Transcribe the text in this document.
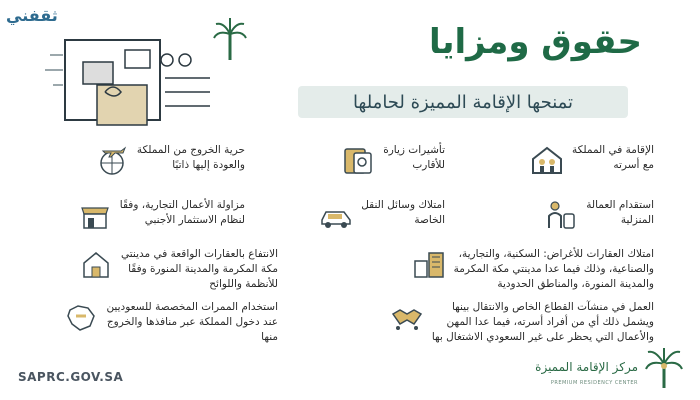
ثقفني
حقوق ومزايا
تمنحها الإقامة المميزة لحاملها
الإقامة في المملكة
مع أسرته
تأشيرات زيارة
للأقارب
حرية الخروج من المملكة
والعودة إليها ذاتيًا
استقدام العمالة
المنزلية
امتلاك وسائل النقل
الخاصة
مزاولة الأعمال التجارية، وفقًا
لنظام الاستثمار الأجنبي
امتلاك العقارات للأغراض: السكنية، والتجارية،
والصناعية، وذلك فيما عدا مدينتي مكة المكرمة
والمدينة المنورة، والمناطق الحدودية
الانتفاع بالعقارات الواقعة في مدينتي
مكة المكرمة والمدينة المنورة وفقًا
للأنظمة واللوائح
العمل في منشآت القطاع الخاص والانتقال بينها
ويشمل ذلك أي من أفراد أسرته، فيما عدا المهن
والأعمال التي يحظر على غير السعودي الاشتغال بها
استخدام الممرات المخصصة للسعوديين
عند دخول المملكة عبر منافذها والخروج
منها
SAPRC.GOV.SA
مركز الإقامة المميزة
PREMIUM RESIDENCY CENTER
